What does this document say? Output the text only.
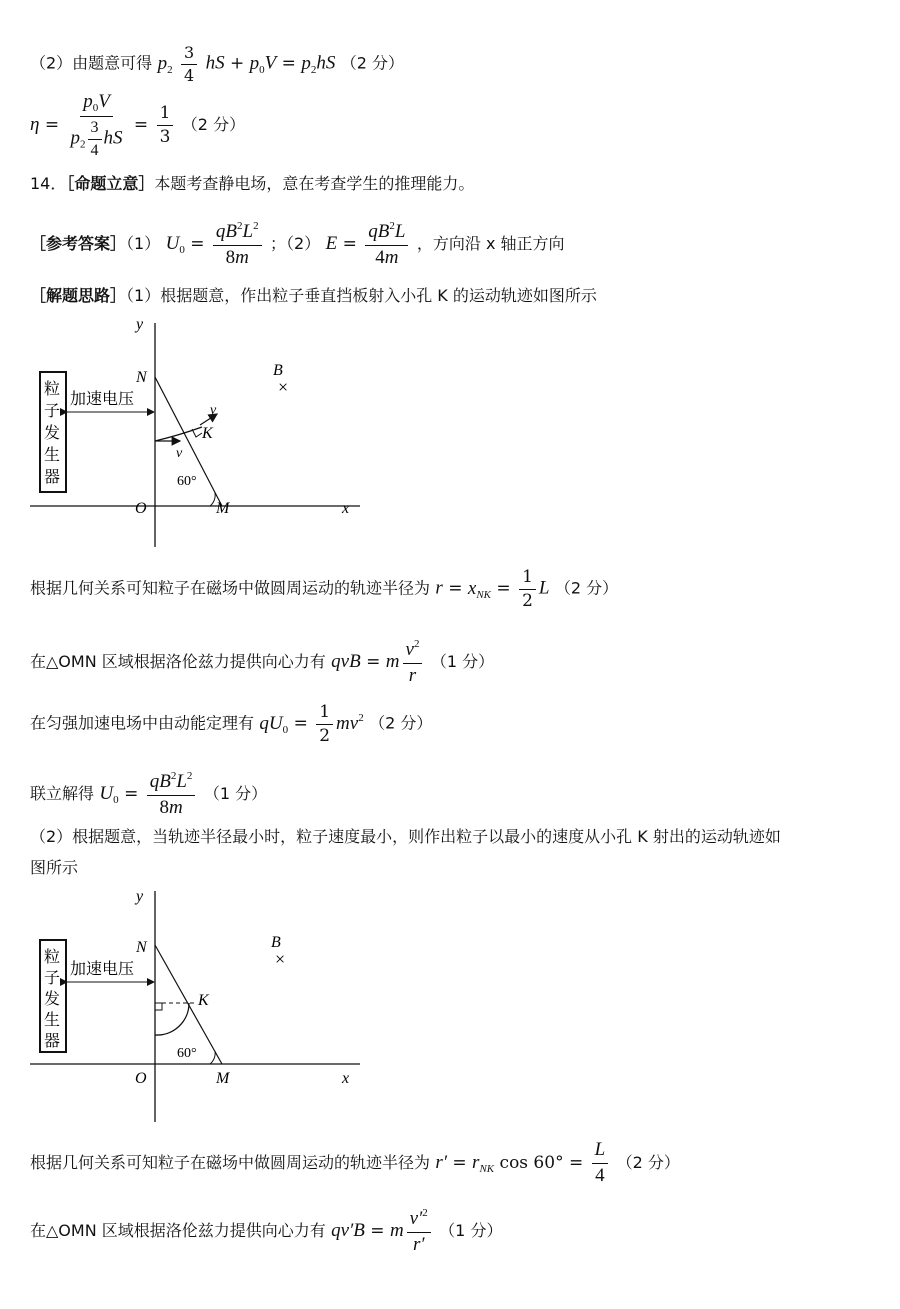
（2）由题意可得 $p_2 \frac{3}{4}$ hS + $p_0V = p_2hS$ （2 分）
$\eta = \frac{p_0V}{p_2 \frac{3}{4} hS} = \frac{1}{3} (2$ 分）
14．［命题立意］本题考查静电场，意在考查学生的推理能力。
［参考答案］（1） $U_0 = \frac{qB^2L^2}{8m}$ ；（2） $E = \frac{qB^2L}{4m}$ ，方向沿 x 轴正方向
［解题思路］（1）根据题意，作出粒子垂直挡板射入小孔 K 的运动轨迹如图所示
粒
子
发
生
器
加速电压
y
N	B
K
v
v
O	M	x
×
60°
根据几何关系可知粒子在磁场中做圆周运动的轨迹半径为 $r = x_{NK} = \frac{1}{2}$ L （2 分）
在△OMN 区域根据洛伦兹力提供向心力有 qvB = m $\frac{v^2}{r} (1$ 分）
在匀强加速电场中由动能定理有 $qU_0 = \frac{1}{2} mv^2$ （2 分）
联立解得 $U_0 = \frac{qB^2L^2}{8m} (1$ 分）
（2）根据题意，当轨迹半径最小时，粒子速度最小，则作出粒子以最小的速度从小孔 K 射出的运动轨迹如
图所示
粒
子
发
生
器
加速电压
y
N	B
K
O	M	x
×
60°
根据几何关系可知粒子在磁场中做圆周运动的轨迹半径为 $r' = r_{NK}$ $\cos 60^\circ = \frac{L}{4} (2$ 分）
在△OMN 区域根据洛伦兹力提供向心力有 qv′B = m $\frac{v'^2}{r'} (1$ 分）
